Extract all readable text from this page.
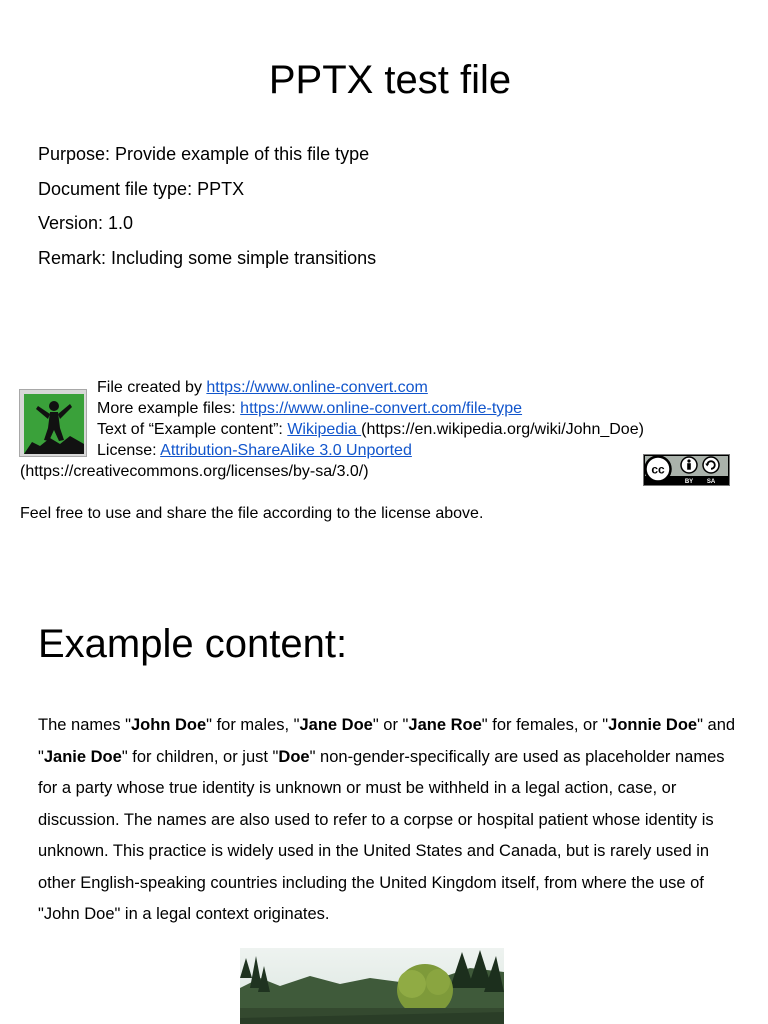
PPTX test file
Purpose: Provide example of this file type
Document file type: PPTX
Version: 1.0
Remark: Including some simple transitions
File created by https://www.online-convert.com
More example files: https://www.online-convert.com/file-type
Text of “Example content”: Wikipedia (https://en.wikipedia.org/wiki/John_Doe)
License: Attribution-ShareAlike 3.0 Unported
(https://creativecommons.org/licenses/by-sa/3.0/)	cc
BY SA
Feel free to use and share the file according to the license above.
Example content:

The names "John Doe" for males, "Jane Doe" or "Jane Roe" for females, or "Jonnie Doe" and "Janie Doe" for children, or just "Doe" non-gender-specifically are used as placeholder names for a party whose true identity is unknown or must be withheld in a legal action, case, or discussion. The names are also used to refer to a corpse or hospital patient whose identity is unknown. This practice is widely used in the United States and Canada, but is rarely used in other English-speaking countries including the United Kingdom itself, from where the use of "John Doe" in a legal context originates.
